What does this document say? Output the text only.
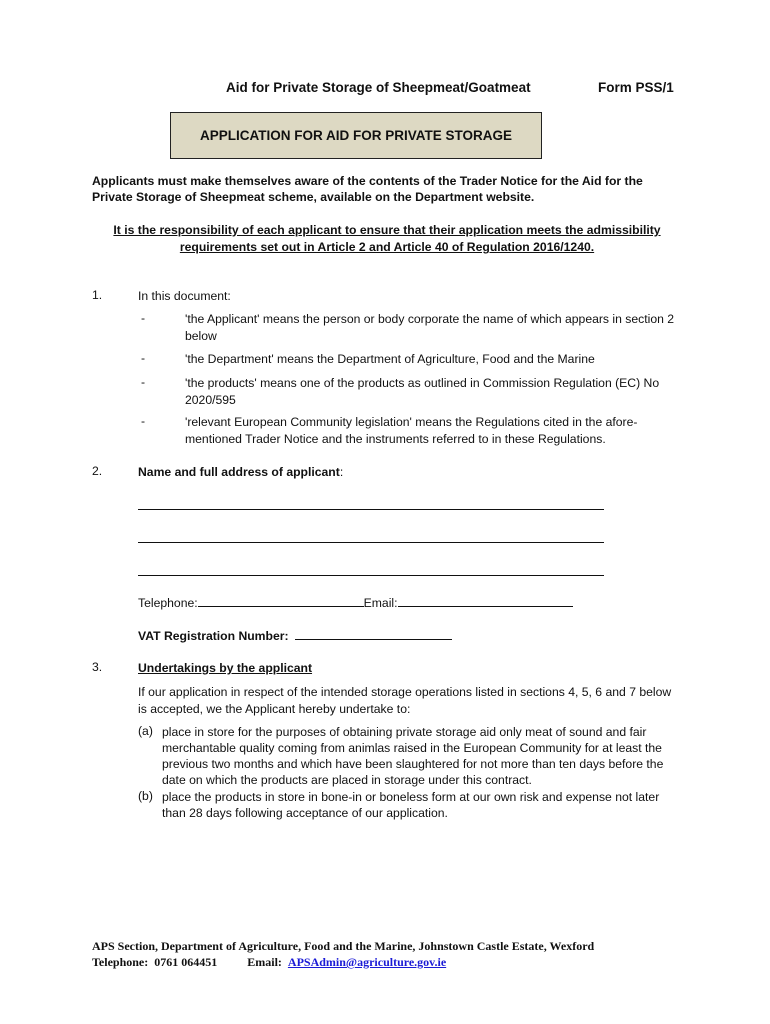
Aid for Private Storage of Sheepmeat/Goatmeat	Form PSS/1
APPLICATION FOR AID FOR PRIVATE STORAGE
Applicants must make themselves aware of the contents of the Trader Notice for the Aid for the Private Storage of Sheepmeat scheme, available on the Department website.
It is the responsibility of each applicant to ensure that their application meets the admissibility requirements set out in Article 2 and Article 40 of Regulation 2016/1240.
1.	In this document:
-	'the Applicant' means the person or body corporate the name of which appears in section 2 below
-	'the Department' means the Department of Agriculture, Food and the Marine
-	'the products' means one of the products as outlined in Commission Regulation (EC) No 2020/595
-	'relevant European Community legislation' means the Regulations cited in the afore-mentioned Trader Notice and the instruments referred to in these Regulations.
2.	Name and full address of applicant:
Telephone:	Email:
VAT Registration Number:
3.	Undertakings by the applicant
If our application in respect of the intended storage operations listed in sections 4, 5, 6 and 7 below is accepted, we the Applicant hereby undertake to:
(a) place in store for the purposes of obtaining private storage aid only meat of sound and fair merchantable quality coming from animlas raised in the European Community for at least the previous two months and which have been slaughtered for not more than ten days before the date on which the products are placed in storage under this contract.
(b) place the products in store in bone-in or boneless form at our own risk and expense not later than 28 days following acceptance of our application.
APS Section, Department of Agriculture, Food and the Marine, Johnstown Castle Estate, Wexford
Telephone: 0761 064451	Email: APSAdmin@agriculture.gov.ie
